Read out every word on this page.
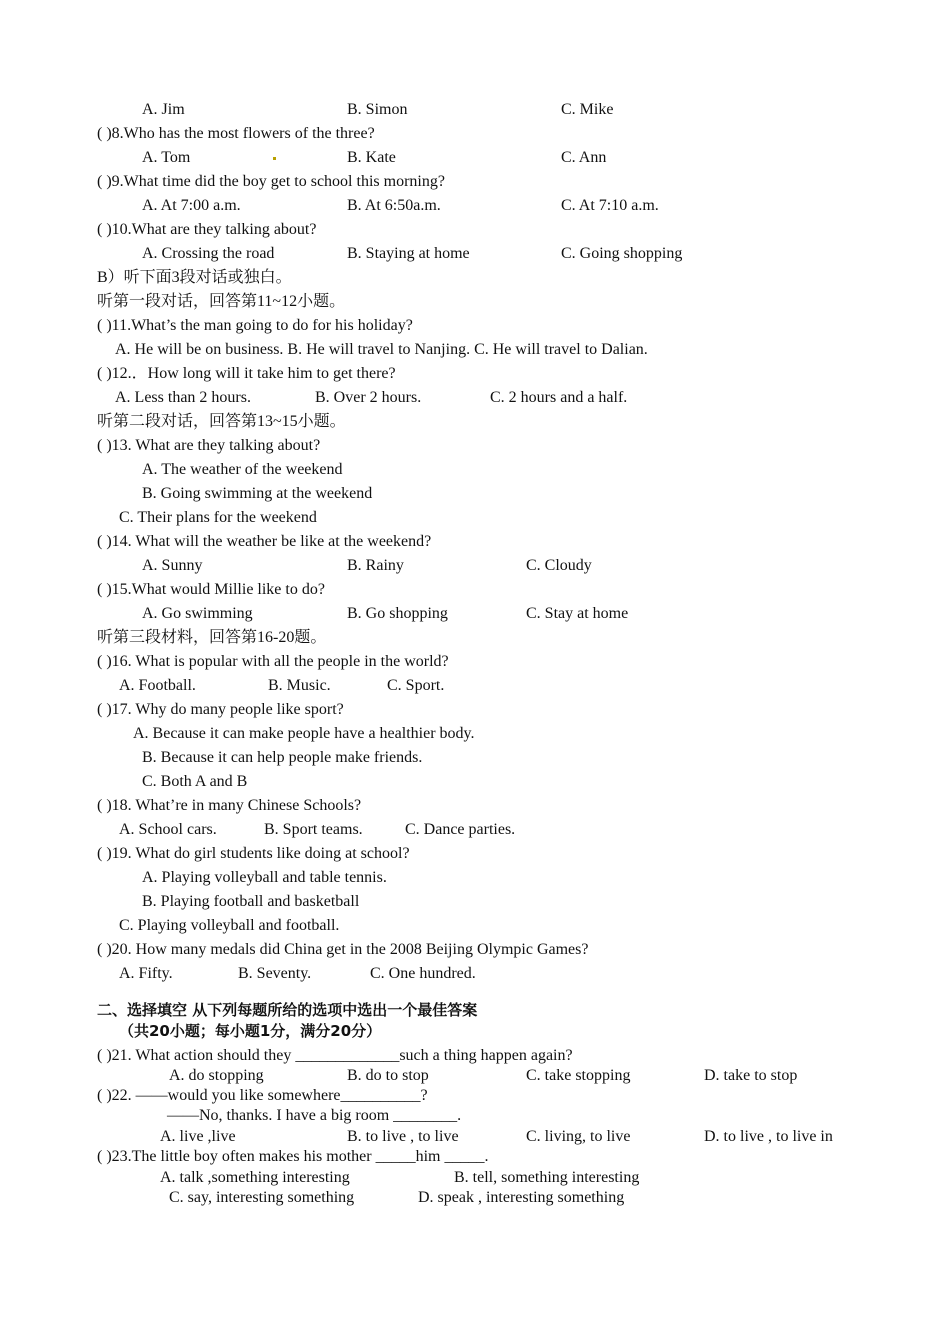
A. Jim	B. Simon	C. Mike
( )8.Who has the most flowers of the three?
A. Tom	B. Kate	C. Ann
( )9.What time did the boy get to school this morning?
A. At 7:00 a.m.	B. At 6:50a.m.	C. At 7:10 a.m.
( )10.What are they talking about?
A. Crossing the road	B. Staying at home	C. Going shopping
B）听下面3段对话或独白。
听第一段对话，回答第11~12小题。
( )11.What’s the man going to do for his holiday?
A. He will be on business. B. He will travel to Nanjing. C. He will travel to Dalian.
( )12.．How long will it take him to get there?
A. Less than 2 hours.	B. Over 2 hours.	C. 2 hours and a half.
听第二段对话，回答第13~15小题。
( )13. What are they talking about?
A. The weather of the weekend
B. Going swimming at the weekend
C. Their plans for the weekend
( )14. What will the weather be like at the weekend?
A. Sunny	B. Rainy	C. Cloudy
( )15.What would Millie like to do?
A. Go swimming	B. Go shopping	C. Stay at home
听第三段材料，回答第16-20题。
( )16. What is popular with all the people in the world?
A. Football.	B. Music.	C. Sport.
( )17. Why do many people like sport?
A. Because it can make people have a healthier body.
B. Because it can help people make friends.
C. Both A and B
( )18. What’re in many Chinese Schools?
A. School cars.	B. Sport teams.	C. Dance parties.
( )19. What do girl students like doing at school?
A. Playing volleyball and table tennis.
B. Playing football and basketball
C. Playing volleyball and football.
( )20. How many medals did China get in the 2008 Beijing Olympic Games?
A. Fifty.	B. Seventy.	C. One hundred.
二、选择填空 从下列每题所给的选项中选出一个最佳答案
（共20小题；每小题1分，满分20分）
( )21. What action should they _____________such a thing happen again?
A. do stopping	B. do to stop	C. take stopping	D. take to stop
( )22. ——would you like somewhere__________?
——No, thanks. I have a big room ________.
A. live ,live	B. to live , to live	C. living, to live	D. to live , to live in
( )23.The little boy often makes his mother _____him _____.
A. talk ,something interesting	B. tell, something interesting
C. say, interesting something	D. speak , interesting something
